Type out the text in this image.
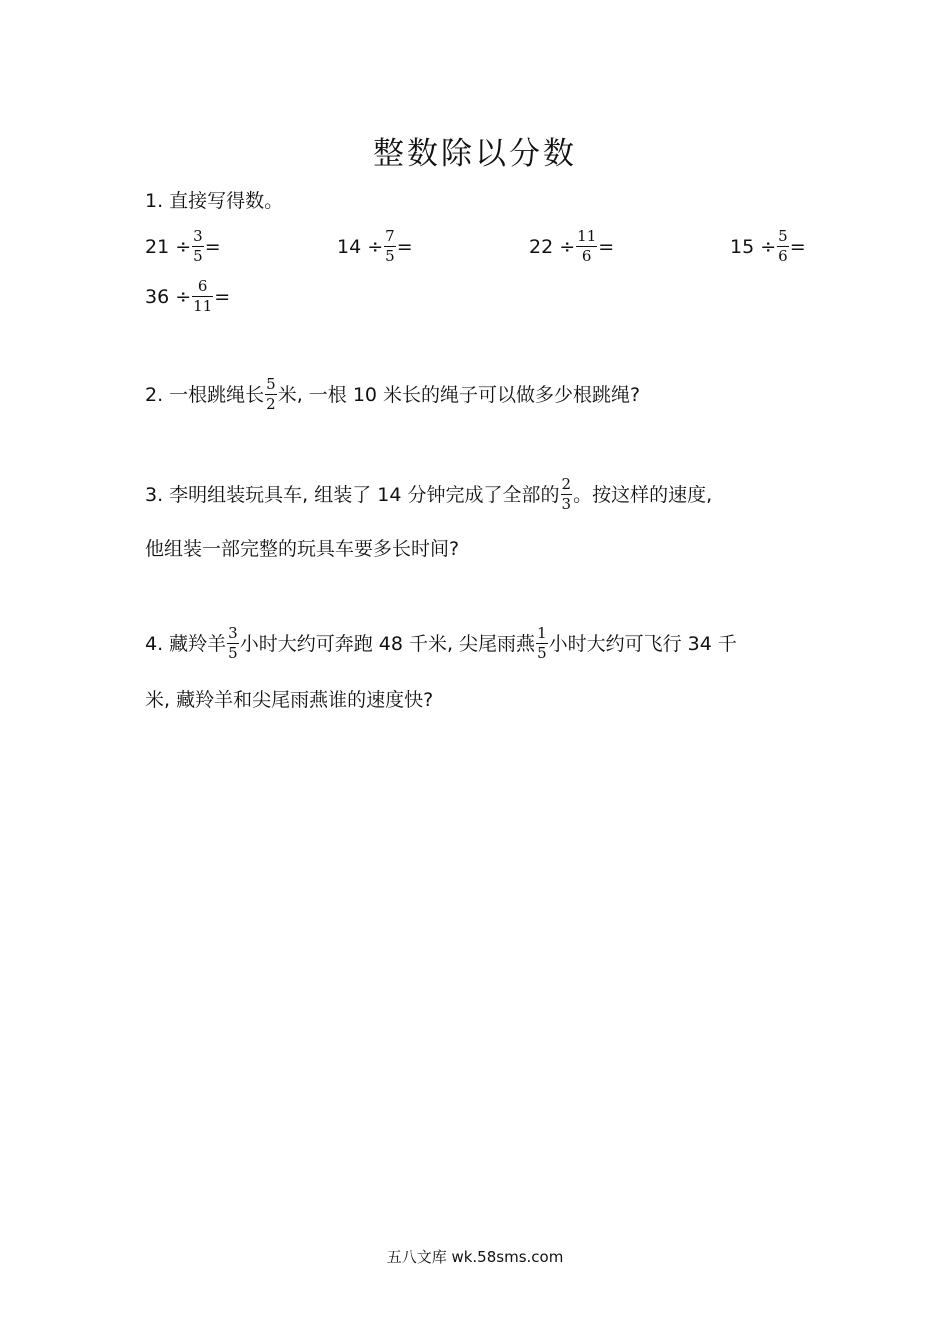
整数除以分数
1. 直接写得数。
$21 \div \frac{3}{5}$ =	$14 \div \frac{7}{5}$ =	$22 \div \frac{11}{6}$ =	$15 \div \frac{5}{6}$ =
$36 \div \frac{6}{11}$ =
2. 一根跳绳长 $\frac{5}{2}$ 米, 一根 10 米长的绳子可以做多少根跳绳?
3. 李明组装玩具车, 组装了 14 分钟完成了全部的 $\frac{2}{3}$ 。按这样的速度,
他组装一部完整的玩具车要多长时间?
4. 藏羚羊 $\frac{3}{5}$ 小时大约可奔跑 48 千米, 尖尾雨燕 $\frac{1}{5}$ 小时大约可飞行 34 千
米, 藏羚羊和尖尾雨燕谁的速度快?
五八文库 wk.58sms.com
